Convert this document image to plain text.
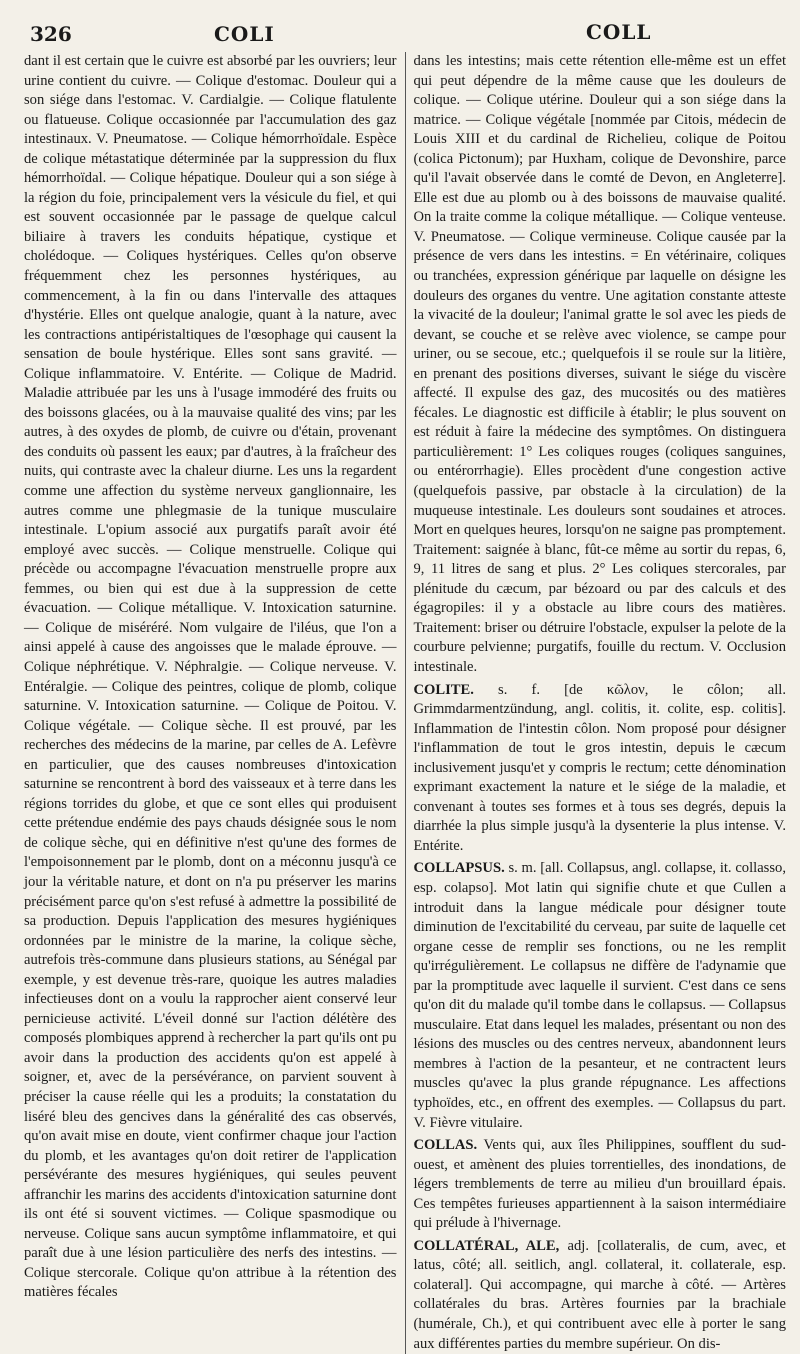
326	COLI	COLL

dant il est certain que le cuivre est absorbé par les ouvriers; leur urine contient du cuivre. — Colique d'estomac. Douleur qui a son siége dans l'estomac. V. Cardialgie. — Colique flatulente ou flatueuse. Colique occasionnée par l'accumulation des gaz intestinaux. V. Pneumatose. — Colique hémorrhoïdale. Espèce de colique métastatique déterminée par la suppression du flux hémorrhoïdal. — Colique hépatique. Douleur qui a son siége à la région du foie, principalement vers la vésicule du fiel, et qui est souvent occasionnée par le passage de quelque calcul biliaire à travers les conduits hépatique, cystique et cholédoque. — Coliques hystériques. Celles qu'on observe fréquemment chez les personnes hystériques, au commencement, à la fin ou dans l'intervalle des attaques d'hystérie. Elles ont quelque analogie, quant à la nature, avec les contractions antipéristaltiques de l'œsophage qui causent la sensation de boule hystérique. Elles sont sans gravité. — Colique inflammatoire. V. Entérite. — Colique de Madrid. Maladie attribuée par les uns à l'usage immodéré des fruits ou des boissons glacées, ou à la mauvaise qualité des vins; par les autres, à des oxydes de plomb, de cuivre ou d'étain, provenant des conduits où passent les eaux; par d'autres, à la fraîcheur des nuits, qui contraste avec la chaleur diurne. Les uns la regardent comme une affection du système nerveux ganglionnaire, les autres comme une phlegmasie de la tunique musculaire intestinale. L'opium associé aux purgatifs paraît avoir été employé avec succès. — Colique menstruelle. Colique qui précède ou accompagne l'évacuation menstruelle propre aux femmes, ou bien qui est due à la suppression de cette évacuation. — Colique métallique. V. Intoxication saturnine. — Colique de miséréré. Nom vulgaire de l'iléus, que l'on a ainsi appelé à cause des angoisses que le malade éprouve. — Colique néphrétique. V. Néphralgie. — Colique nerveuse. V. Entéralgie. — Colique des peintres, colique de plomb, colique saturnine. V. Intoxication saturnine. — Colique de Poitou. V. Colique végétale. — Colique sèche. Il est prouvé, par les recherches des médecins de la marine, par celles de A. Lefèvre en particulier, que des causes nombreuses d'intoxication saturnine se rencontrent à bord des vaisseaux et à terre dans les régions torrides du globe, et que ce sont elles qui produisent cette prétendue endémie des pays chauds désignée sous le nom de colique sèche, qui en définitive n'est qu'une des formes de l'empoisonnement par le plomb, dont on a méconnu jusqu'à ce jour la véritable nature, et dont on n'a pu préserver les marins précisément parce qu'on s'est refusé à admettre la possibilité de sa production. Depuis l'application des mesures hygiéniques ordonnées par le ministre de la marine, la colique sèche, autrefois très-commune dans plusieurs stations, au Sénégal par exemple, y est devenue très-rare, quoique les autres maladies infectieuses dont on a voulu la rapprocher aient conservé leur pernicieuse activité. L'éveil donné sur l'action délétère des composés plombiques apprend à rechercher la part qu'ils ont pu avoir dans la production des accidents qu'on est appelé à soigner, et, avec de la persévérance, on parvient souvent à préciser la cause réelle qui les a produits; la constatation du liséré bleu des gencives dans la généralité des cas observés, qu'on avait mise en doute, vient confirmer chaque jour l'action du plomb, et les avantages qu'on doit retirer de l'application persévérante des mesures hygiéniques, qui seules peuvent affranchir les marins des accidents d'intoxication saturnine dont ils ont été si souvent victimes. — Colique spasmodique ou nerveuse. Colique sans aucun symptôme inflammatoire, et qui paraît due à une lésion particulière des nerfs des intestins. — Colique stercorale. Colique qu'on attribue à la rétention des matières fécales

dans les intestins; mais cette rétention elle-même est un effet qui peut dépendre de la même cause que les douleurs de colique. — Colique utérine. Douleur qui a son siége dans la matrice. — Colique végétale [nommée par Citois, médecin de Louis XIII et du cardinal de Richelieu, colique de Poitou (colica Pictonum); par Huxham, colique de Devonshire, parce qu'il l'avait observée dans le comté de Devon, en Angleterre]. Elle est due au plomb ou à des boissons de mauvaise qualité. On la traite comme la colique métallique. — Colique venteuse. V. Pneumatose. — Colique vermineuse. Colique causée par la présence de vers dans les intestins. = En vétérinaire, coliques ou tranchées, expression générique par laquelle on désigne les douleurs des organes du ventre. Une agitation constante atteste la vivacité de la douleur; l'animal gratte le sol avec les pieds de devant, se couche et se relève avec violence, se campe pour uriner, ou se secoue, etc.; quelquefois il se roule sur la litière, en prenant des positions diverses, suivant le siége du viscère affecté. Il expulse des gaz, des mucosités ou des matières fécales. Le diagnostic est difficile à établir; le plus souvent on est réduit à faire la médecine des symptômes. On distinguera particulièrement: 1° Les coliques rouges (coliques sanguines, ou entérorrhagie). Elles procèdent d'une congestion active (quelquefois passive, par obstacle à la circulation) de la muqueuse intestinale. Les douleurs sont soudaines et atroces. Mort en quelques heures, lorsqu'on ne saigne pas promptement. Traitement: saignée à blanc, fût-ce même au sortir du repas, 6, 9, 11 litres de sang et plus. 2° Les coliques stercorales, par plénitude du cæcum, par bézoard ou par des calculs et des égagropiles: il y a obstacle au libre cours des matières. Traitement: briser ou détruire l'obstacle, expulser la pelote de la courbure pelvienne; purgatifs, fouille du rectum. V. Occlusion intestinale.

COLITE. s. f. [de κῶλον, le côlon; all. Grimmdarmentzündung, angl. colitis, it. colite, esp. colitis]. Inflammation de l'intestin côlon. Nom proposé pour désigner l'inflammation de tout le gros intestin, depuis le cæcum inclusivement jusqu'et y compris le rectum; cette dénomination exprimant exactement la nature et le siége de la maladie, et convenant à toutes ses formes et à tous ses degrés, depuis la diarrhée la plus simple jusqu'à la dysenterie la plus intense. V. Entérite.

COLLAPSUS. s. m. [all. Collapsus, angl. collapse, it. collasso, esp. colapso]. Mot latin qui signifie chute et que Cullen a introduit dans la langue médicale pour désigner toute diminution de l'excitabilité du cerveau, par suite de laquelle cet organe cesse de remplir ses fonctions, ou ne les remplit qu'irrégulièrement. Le collapsus ne diffère de l'adynamie que par la promptitude avec laquelle il survient. C'est dans ce sens qu'on dit du malade qu'il tombe dans le collapsus. — Collapsus musculaire. Etat dans lequel les malades, présentant ou non des lésions des muscles ou des centres nerveux, abandonnent leurs membres à l'action de la pesanteur, et ne contractent leurs muscles qu'avec la plus grande répugnance. Les affections typhoïdes, etc., en offrent des exemples. — Collapsus du part. V. Fièvre vitulaire.

COLLAS. Vents qui, aux îles Philippines, soufflent du sud-ouest, et amènent des pluies torrentielles, des inondations, de légers tremblements de terre au milieu d'un brouillard épais. Ces tempêtes furieuses appartiennent à la saison intermédiaire qui prélude à l'hivernage.

COLLATÉRAL, ALE, adj. [collateralis, de cum, avec, et latus, côté; all. seitlich, angl. collateral, it. collaterale, esp. colateral]. Qui accompagne, qui marche à côté. — Artères collatérales du bras. Artères fournies par la brachiale (humérale, Ch.), et qui contribuent avec elle à porter le sang aux différentes parties du membre supérieur. On dis-
